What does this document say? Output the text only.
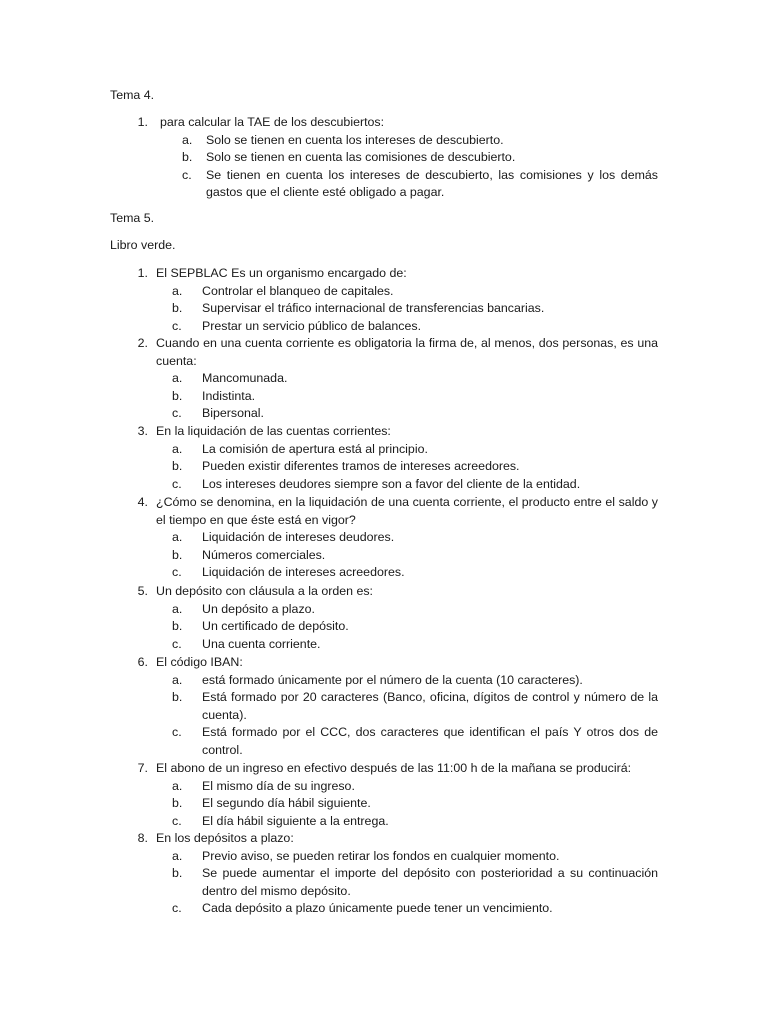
Tema 4.
1. para calcular la TAE de los descubiertos:
a.	Solo se tienen en cuenta los intereses de descubierto.
b.	Solo se tienen en cuenta las comisiones de descubierto.
c.	Se tienen en cuenta los intereses de descubierto, las comisiones y los demás gastos que el cliente esté obligado a pagar.
Tema 5.
Libro verde.
1. El SEPBLAC Es un organismo encargado de:
a.	Controlar el blanqueo de capitales.
b.	Supervisar el tráfico internacional de transferencias bancarias.
c.	Prestar un servicio público de balances.
2. Cuando en una cuenta corriente es obligatoria la firma de, al menos, dos personas, es una cuenta:
a.	Mancomunada.
b.	Indistinta.
c.	Bipersonal.
3. En la liquidación de las cuentas corrientes:
a.	La comisión de apertura está al principio.
b.	Pueden existir diferentes tramos de intereses acreedores.
c.	Los intereses deudores siempre son a favor del cliente de la entidad.
4. ¿Cómo se denomina, en la liquidación de una cuenta corriente, el producto entre el saldo y el tiempo en que éste está en vigor?
a.	Liquidación de intereses deudores.
b.	Números comerciales.
c.	Liquidación de intereses acreedores.
5. Un depósito con cláusula a la orden es:
a.	Un depósito a plazo.
b.	Un certificado de depósito.
c.	Una cuenta corriente.
6. El código IBAN:
a.	está formado únicamente por el número de la cuenta (10 caracteres).
b.	Está formado por 20 caracteres (Banco, oficina, dígitos de control y número de la cuenta).
c.	Está formado por el CCC, dos caracteres que identifican el país Y otros dos de control.
7. El abono de un ingreso en efectivo después de las 11:00 h de la mañana se producirá:
a.	El mismo día de su ingreso.
b.	El segundo día hábil siguiente.
c.	El día hábil siguiente a la entrega.
8. En los depósitos a plazo:
a.	Previo aviso, se pueden retirar los fondos en cualquier momento.
b.	Se puede aumentar el importe del depósito con posterioridad a su continuación dentro del mismo depósito.
c.	Cada depósito a plazo únicamente puede tener un vencimiento.
